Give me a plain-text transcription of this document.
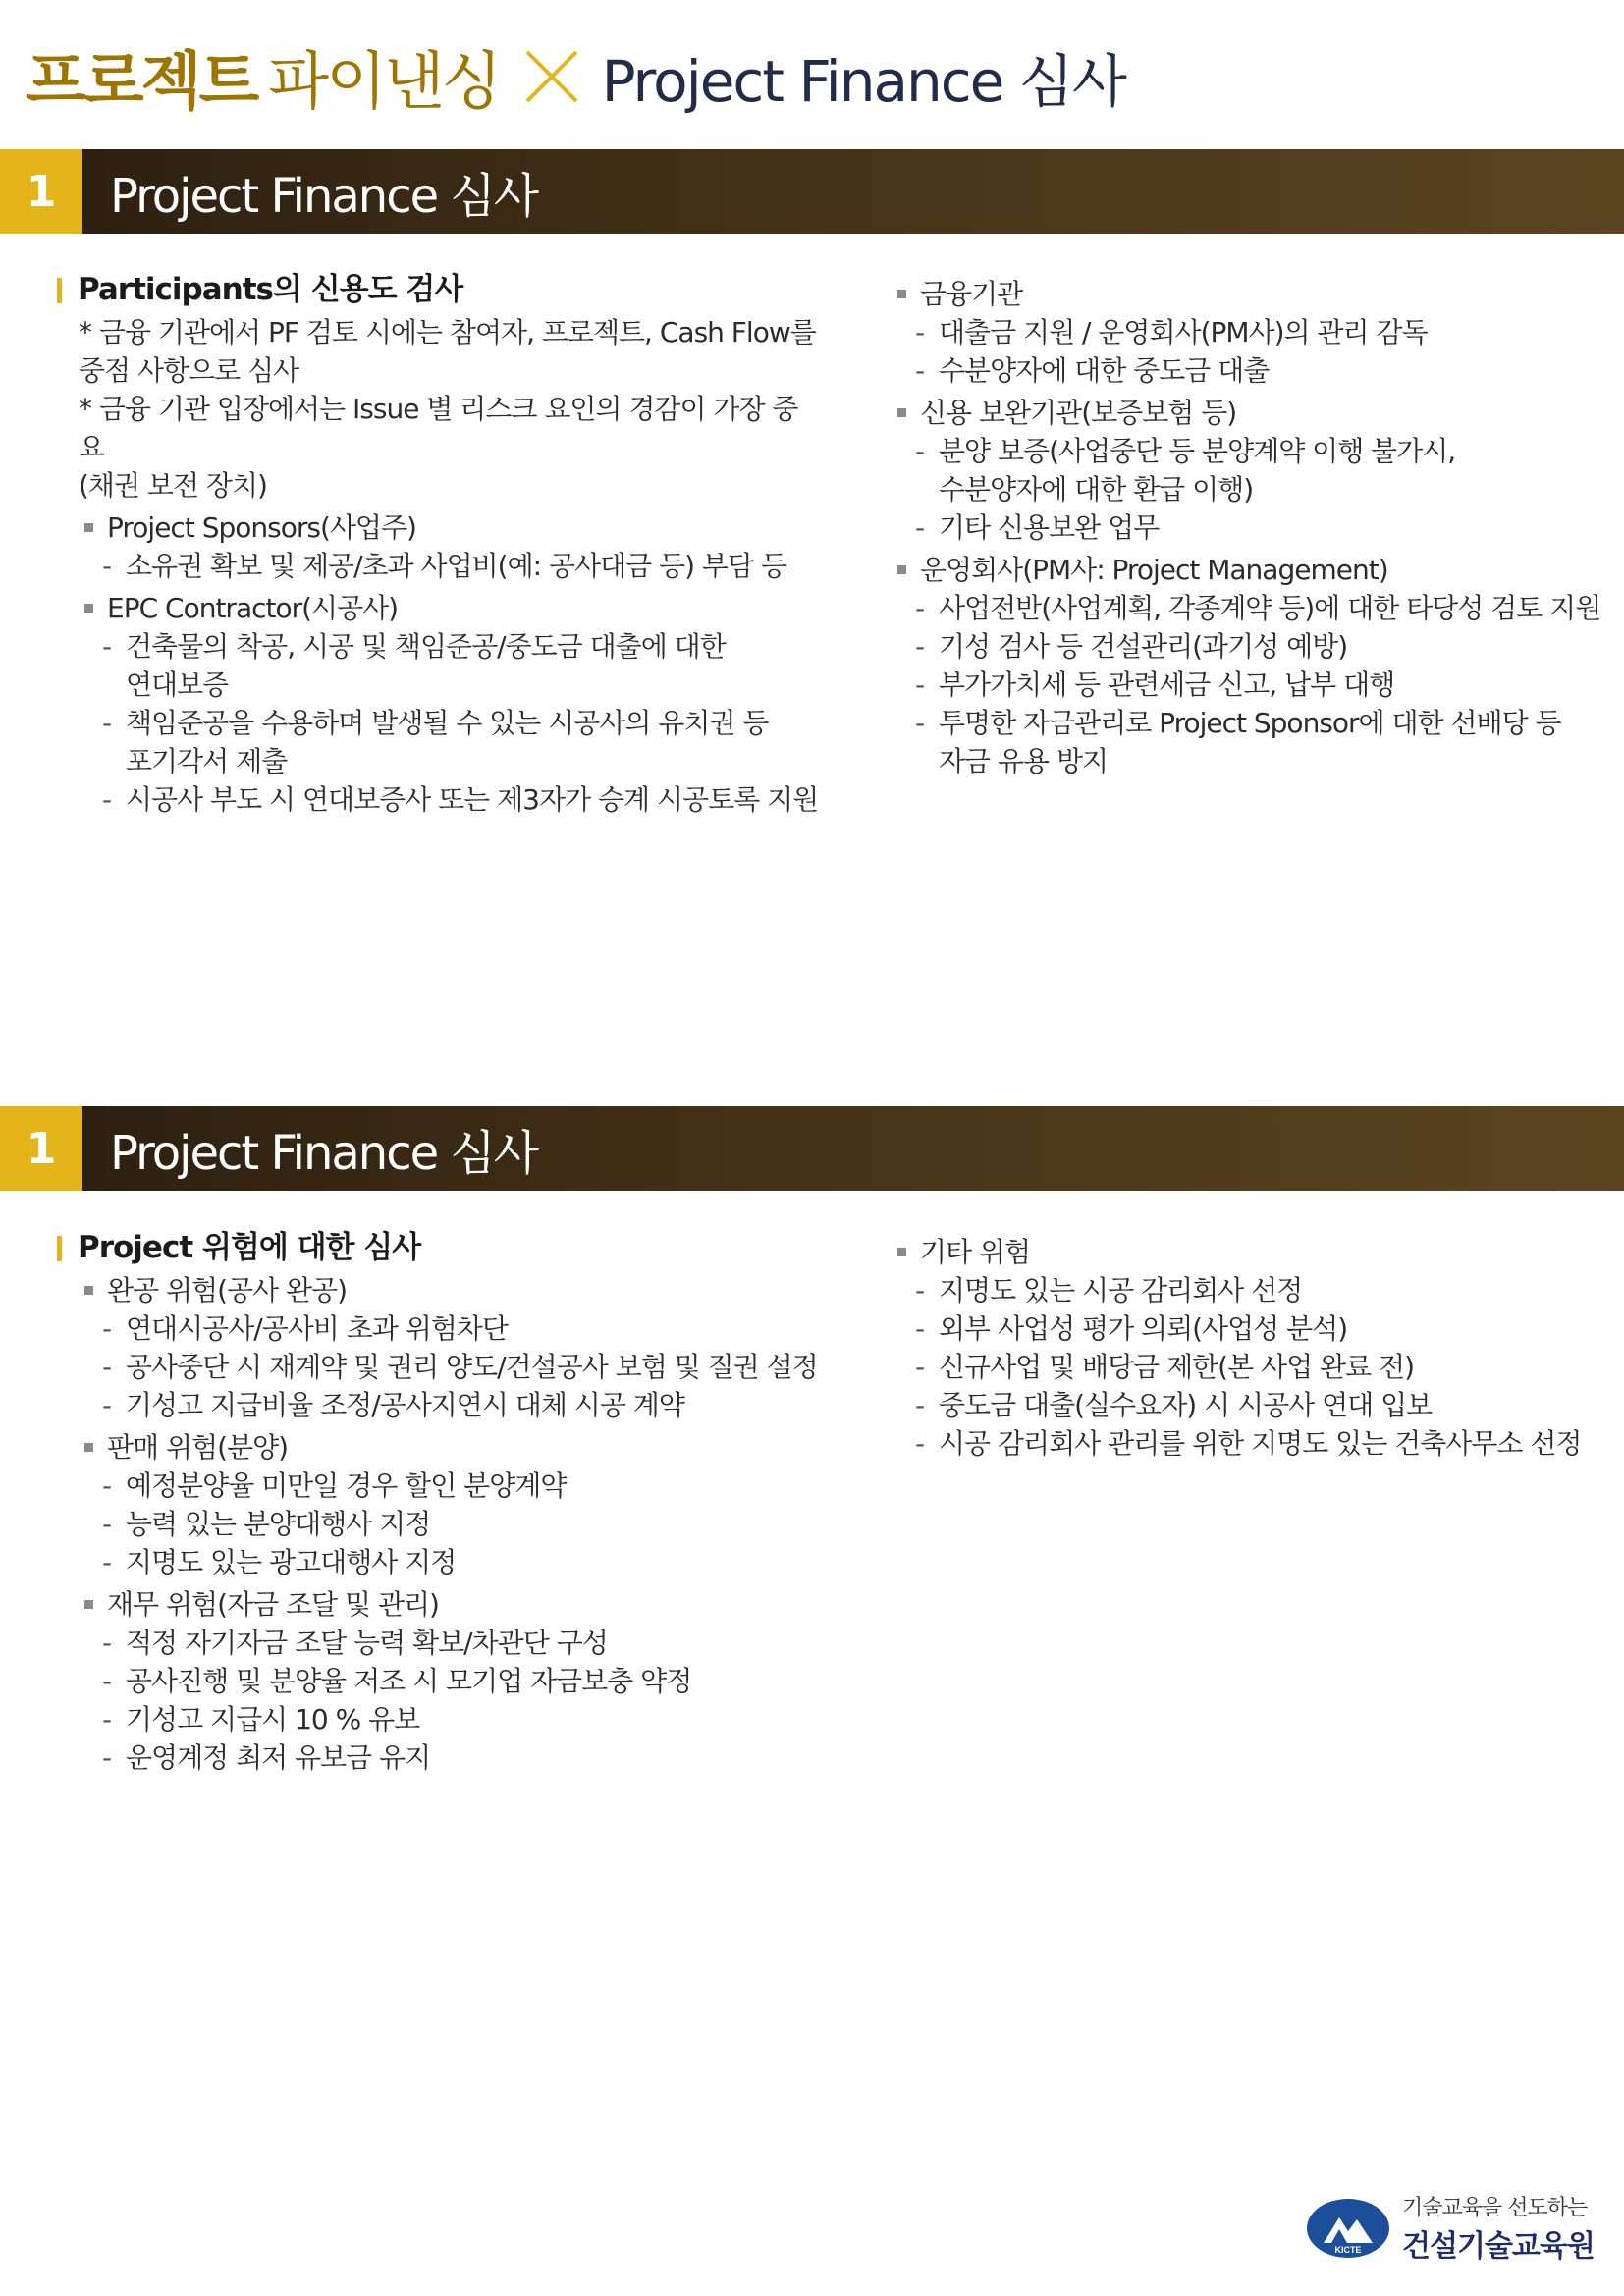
프로젝트 파이낸싱 Project Finance 심사
1	Project Finance 심사
Participants의 신용도 검사
* 금융 기관에서 PF 검토 시에는 참여자, 프로젝트, Cash Flow를
중점 사항으로 심사
* 금융 기관 입장에서는 Issue 별 리스크 요인의 경감이 가장 중요
(채권 보전 장치)
Project Sponsors(사업주)
- 소유권 확보 및 제공/초과 사업비(예: 공사대금 등) 부담 등
EPC Contractor(시공사)
- 건축물의 착공, 시공 및 책임준공/중도금 대출에 대한
연대보증
- 책임준공을 수용하며 발생될 수 있는 시공사의 유치권 등
포기각서 제출
- 시공사 부도 시 연대보증사 또는 제3자가 승계 시공토록 지원
금융기관
- 대출금 지원 / 운영회사(PM사)의 관리 감독
- 수분양자에 대한 중도금 대출
신용 보완기관(보증보험 등)
- 분양 보증(사업중단 등 분양계약 이행 불가시,
수분양자에 대한 환급 이행)
- 기타 신용보완 업무
운영회사(PM사: Project Management)
- 사업전반(사업계획, 각종계약 등)에 대한 타당성 검토 지원
- 기성 검사 등 건설관리(과기성 예방)
- 부가가치세 등 관련세금 신고, 납부 대행
- 투명한 자금관리로 Project Sponsor에 대한 선배당 등
자금 유용 방지
1	Project Finance 심사
Project 위험에 대한 심사
완공 위험(공사 완공)
- 연대시공사/공사비 초과 위험차단
- 공사중단 시 재계약 및 권리 양도/건설공사 보험 및 질권 설정
- 기성고 지급비율 조정/공사지연시 대체 시공 계약
판매 위험(분양)
- 예정분양율 미만일 경우 할인 분양계약
- 능력 있는 분양대행사 지정
- 지명도 있는 광고대행사 지정
재무 위험(자금 조달 및 관리)
- 적정 자기자금 조달 능력 확보/차관단 구성
- 공사진행 및 분양율 저조 시 모기업 자금보충 약정
- 기성고 지급시 10 % 유보
- 운영계정 최저 유보금 유지
기타 위험
- 지명도 있는 시공 감리회사 선정
- 외부 사업성 평가 의뢰(사업성 분석)
- 신규사업 및 배당금 제한(본 사업 완료 전)
- 중도금 대출(실수요자) 시 시공사 연대 입보
- 시공 감리회사 관리를 위한 지명도 있는 건축사무소 선정
KICTE
기술교육을 선도하는
건설기술교육원
